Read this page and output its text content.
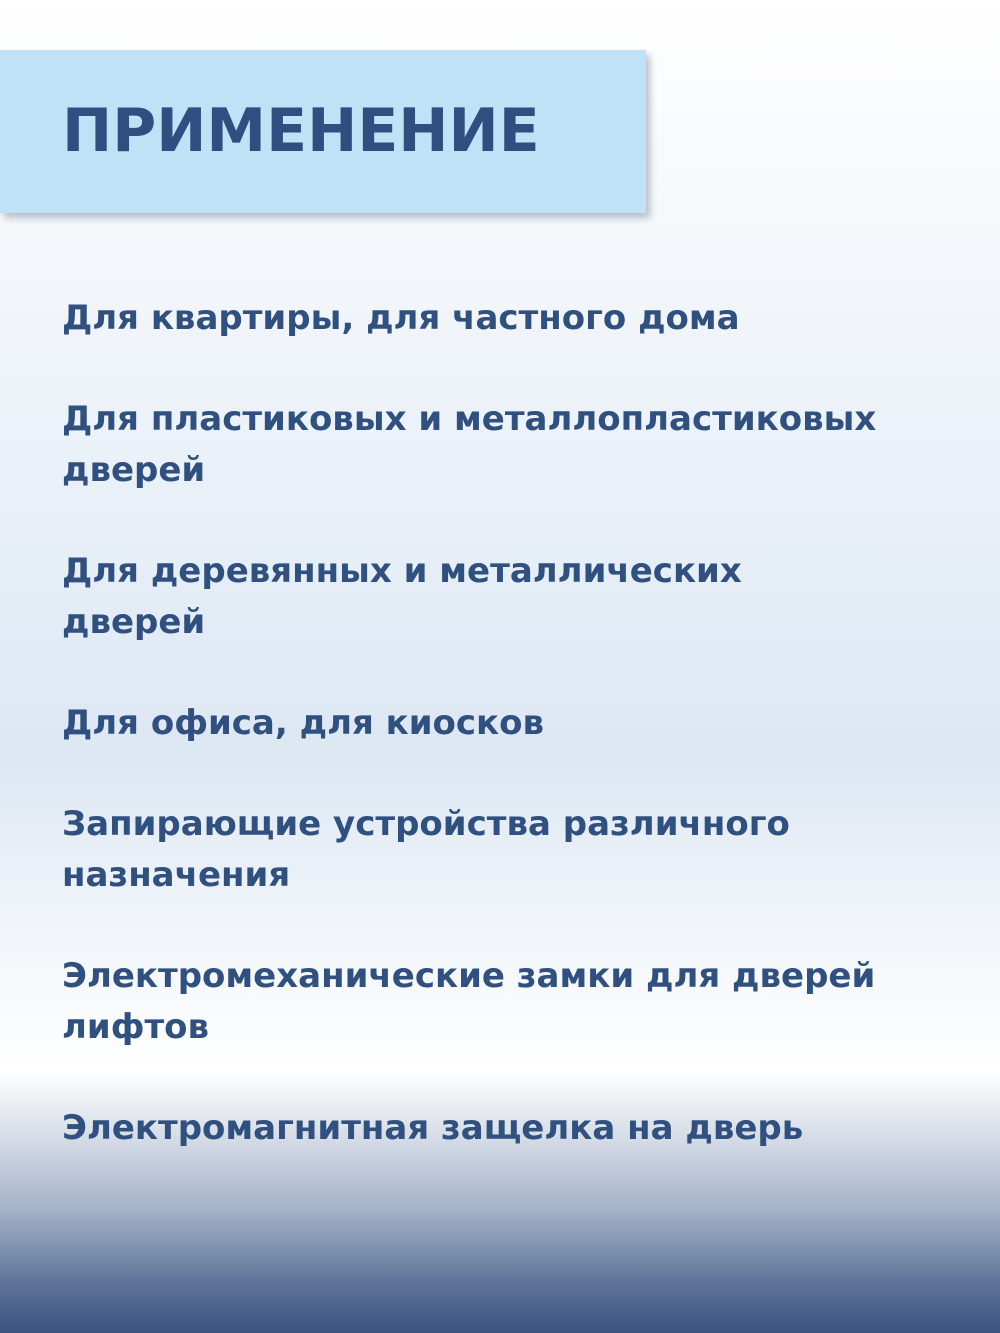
ПРИМЕНЕНИЕ
Для квартиры, для частного дома
Для пластиковых и металлопластиковых
дверей
Для деревянных и металлических
дверей
Для офиса, для киосков
Запирающие устройства различного
назначения
Электромеханические замки для дверей
лифтов
Электромагнитная защелка на дверь
